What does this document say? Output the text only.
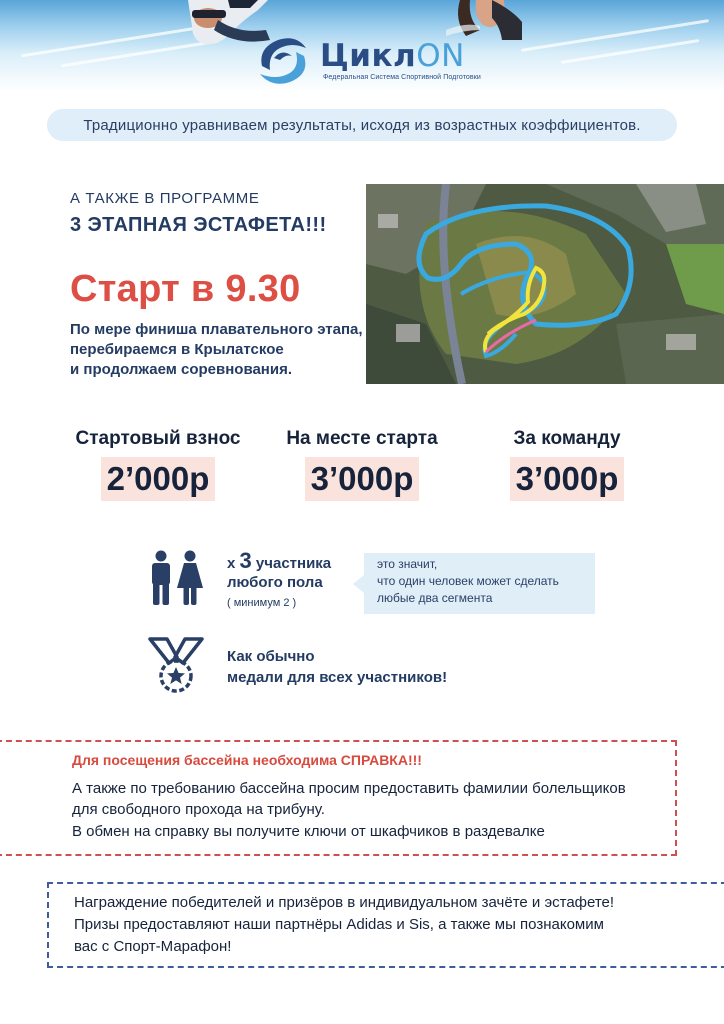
ЦиклON
Федеральная Система Спортивной Подготовки
Традиционно уравниваем результаты, исходя из возрастных коэффициентов.
А ТАКЖЕ В ПРОГРАММЕ
3 ЭТАПНАЯ ЭСТАФЕТА!!!
Старт в 9.30
По мере финиша плавательного этапа,
перебираемся в Крылатское
и продолжаем соревнования.
Стартовый взнос
2’000р
На месте старта
3’000р
За команду
3’000р
x 3 участника
любого пола
( минимум 2 )
это значит,
что один человек может сделать
любые два сегмента
Как обычно
медали для всех участников!
Для посещения бассейна необходима СПРАВКА!!!
А также по требованию бассейна просим предоставить фамилии болельщиков
для свободного прохода на трибуну.
В обмен на справку вы получите ключи от шкафчиков в раздевалке
Награждение победителей и призёров в индивидуальном зачёте и эстафете!
Призы предоставляют наши партнёры Adidas и Sis, а также мы познакомим
вас с Спорт-Марафон!
